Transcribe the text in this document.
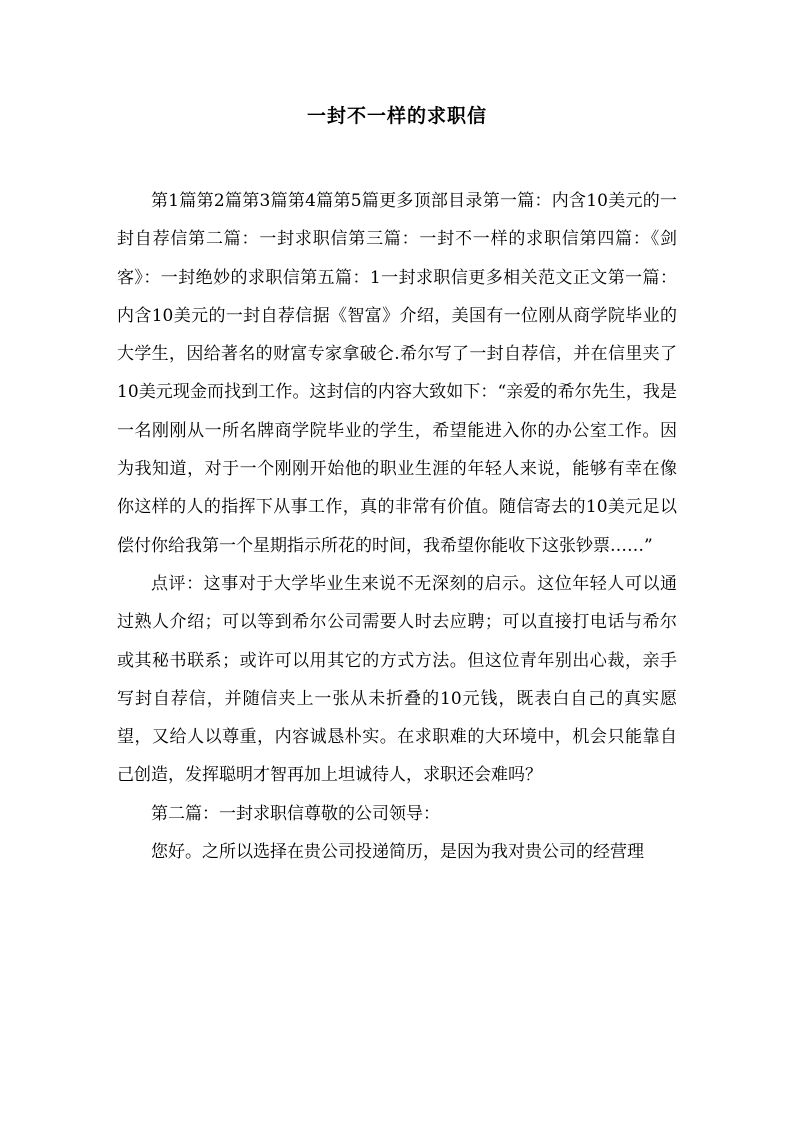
一封不一样的求职信

第1篇第2篇第3篇第4篇第5篇更多顶部目录第一篇：内含10美元的一封自荐信第二篇：一封求职信第三篇：一封不一样的求职信第四篇：《剑客》：一封绝妙的求职信第五篇：1一封求职信更多相关范文正文第一篇：内含10美元的一封自荐信据《智富》介绍，美国有一位刚从商学院毕业的大学生，因给著名的财富专家拿破仑.希尔写了一封自荐信，并在信里夹了10美元现金而找到工作。这封信的内容大致如下：“亲爱的希尔先生，我是一名刚刚从一所名牌商学院毕业的学生，希望能进入你的办公室工作。因为我知道，对于一个刚刚开始他的职业生涯的年轻人来说，能够有幸在像你这样的人的指挥下从事工作，真的非常有价值。随信寄去的10美元足以偿付你给我第一个星期指示所花的时间，我希望你能收下这张钞票……”

点评：这事对于大学毕业生来说不无深刻的启示。这位年轻人可以通过熟人介绍；可以等到希尔公司需要人时去应聘；可以直接打电话与希尔或其秘书联系；或许可以用其它的方式方法。但这位青年别出心裁，亲手写封自荐信，并随信夹上一张从未折叠的10元钱，既表白自己的真实愿望，又给人以尊重，内容诚恳朴实。在求职难的大环境中，机会只能靠自己创造，发挥聪明才智再加上坦诚待人，求职还会难吗？

第二篇：一封求职信尊敬的公司领导：

您好。之所以选择在贵公司投递简历，是因为我对贵公司的经营理
